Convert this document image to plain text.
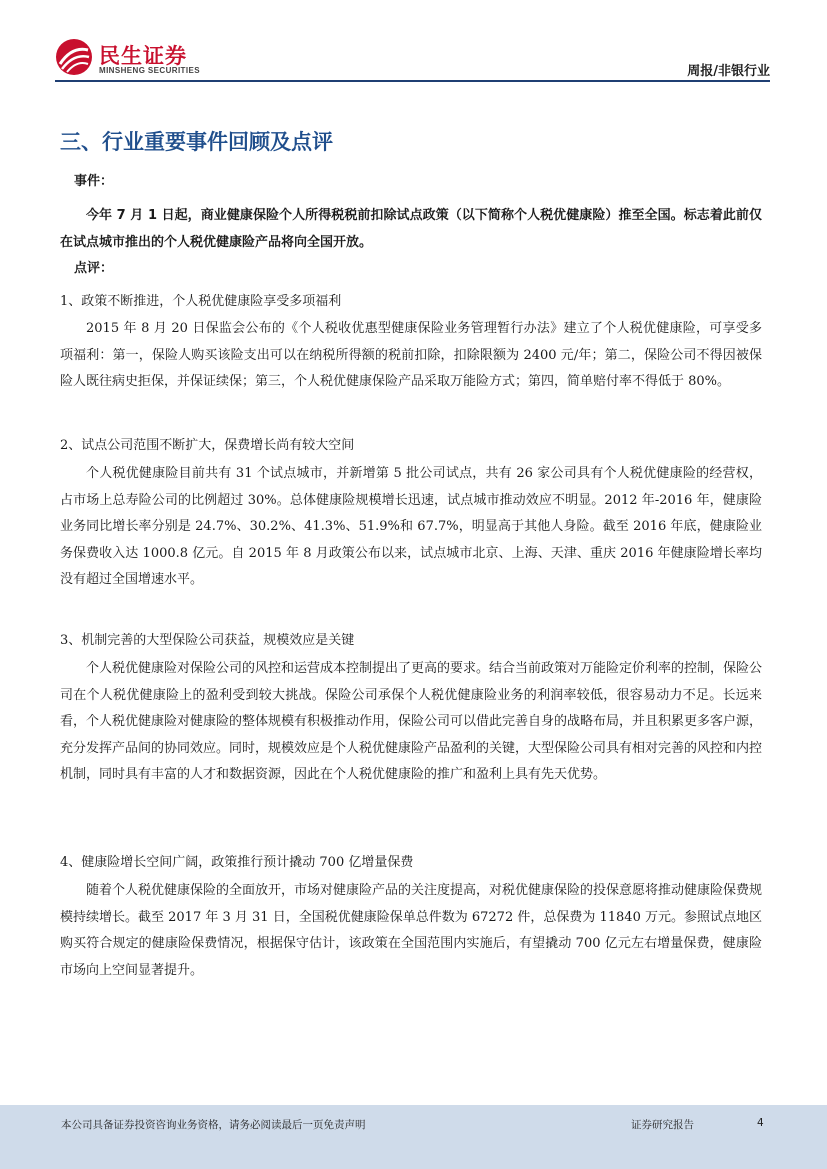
民生证券
MINSHENG SECURITIES	周报/非银行业
三、行业重要事件回顾及点评
事件：

今年 7 月 1 日起，商业健康保险个人所得税税前扣除试点政策（以下简称个人税优健康险）推至全国。标志着此前仅在试点城市推出的个人税优健康险产品将向全国开放。

点评：

1、政策不断推进，个人税优健康险享受多项福利

2015 年 8 月 20 日保监会公布的《个人税收优惠型健康保险业务管理暂行办法》建立了个人税优健康险，可享受多项福利：第一，保险人购买该险支出可以在纳税所得额的税前扣除，扣除限额为 2400 元/年；第二，保险公司不得因被保险人既往病史拒保，并保证续保；第三，个人税优健康保险产品采取万能险方式；第四，简单赔付率不得低于 80%。

2、试点公司范围不断扩大，保费增长尚有较大空间

个人税优健康险目前共有 31 个试点城市，并新增第 5 批公司试点，共有 26 家公司具有个人税优健康险的经营权，占市场上总寿险公司的比例超过 30%。总体健康险规模增长迅速，试点城市推动效应不明显。2012 年-2016 年，健康险业务同比增长率分别是 24.7%、30.2%、41.3%、51.9%和 67.7%，明显高于其他人身险。截至 2016 年底，健康险业务保费收入达 1000.8 亿元。自 2015 年 8 月政策公布以来，试点城市北京、上海、天津、重庆 2016 年健康险增长率均没有超过全国增速水平。

3、机制完善的大型保险公司获益，规模效应是关键

个人税优健康险对保险公司的风控和运营成本控制提出了更高的要求。结合当前政策对万能险定价利率的控制，保险公司在个人税优健康险上的盈利受到较大挑战。保险公司承保个人税优健康险业务的利润率较低，很容易动力不足。长远来看，个人税优健康险对健康险的整体规模有积极推动作用，保险公司可以借此完善自身的战略布局，并且积累更多客户源，充分发挥产品间的协同效应。同时，规模效应是个人税优健康险产品盈利的关键，大型保险公司具有相对完善的风控和内控机制，同时具有丰富的人才和数据资源，因此在个人税优健康险的推广和盈利上具有先天优势。

4、健康险增长空间广阔，政策推行预计撬动 700 亿增量保费

随着个人税优健康保险的全面放开，市场对健康险产品的关注度提高，对税优健康保险的投保意愿将推动健康险保费规模持续增长。截至 2017 年 3 月 31 日，全国税优健康险保单总件数为 67272 件，总保费为 11840 万元。参照试点地区购买符合规定的健康险保费情况，根据保守估计，该政策在全国范围内实施后，有望撬动 700 亿元左右增量保费，健康险市场向上空间显著提升。

本公司具备证券投资咨询业务资格，请务必阅读最后一页免责声明	证券研究报告	4
